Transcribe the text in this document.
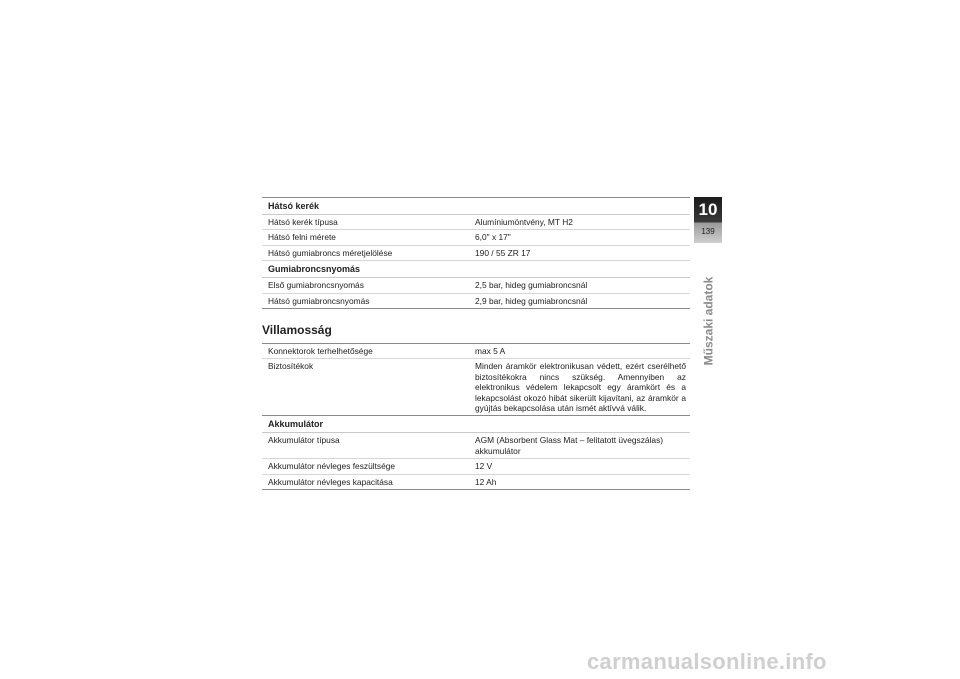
Hátsó kerék
Hátsó kerék típusa	Alumíniumöntvény, MT H2
Hátsó felni mérete	6,0" x 17"
Hátsó gumiabroncs méretjelölése	190 / 55 ZR 17
Gumiabroncsnyomás
Első gumiabroncsnyomás	2,5 bar, hideg gumiabroncsnál
Hátsó gumiabroncsnyomás	2,9 bar, hideg gumiabroncsnál
Villamosság
Konnektorok terhelhetősége	max 5 A
Biztosítékok	Minden áramkör elektronikusan védett, ezért cserélhető biztosítékokra nincs szükség. Amennyiben az elektronikus védelem lekapcsolt egy áramkört és a lekapcsolást okozó hibát sikerült kijavítani, az áramkör a gyújtás bekapcsolása után ismét aktívvá válik.
Akkumulátor
Akkumulátor típusa	AGM (Absorbent Glass Mat – felitatott üvegszálas) akkumulátor
Akkumulátor névleges feszültsége	12 V
Akkumulátor névleges kapacitása	12 Ah
10
139
Műszaki adatok
carmanualsonline.info
